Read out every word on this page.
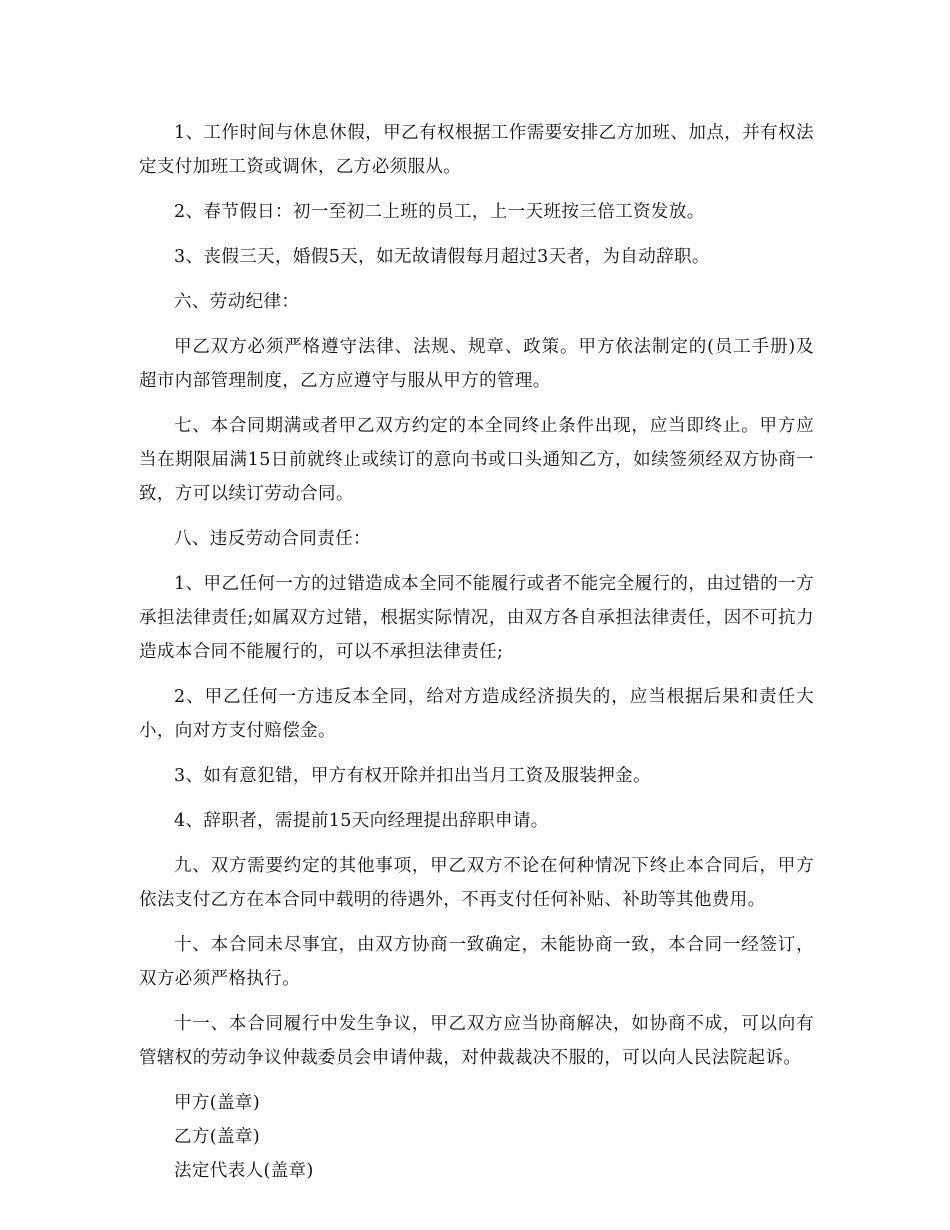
1、工作时间与休息休假，甲乙有权根据工作需要安排乙方加班、加点，并有权法定支付加班工资或调休，乙方必须服从。

2、春节假日：初一至初二上班的员工，上一天班按三倍工资发放。

3、丧假三天，婚假5天，如无故请假每月超过3天者，为自动辞职。

六、劳动纪律：

甲乙双方必须严格遵守法律、法规、规章、政策。甲方依法制定的(员工手册)及超市内部管理制度，乙方应遵守与服从甲方的管理。

七、本合同期满或者甲乙双方约定的本全同终止条件出现，应当即终止。甲方应当在期限届满15日前就终止或续订的意向书或口头通知乙方，如续签须经双方协商一致，方可以续订劳动合同。

八、违反劳动合同责任：

1、甲乙任何一方的过错造成本全同不能履行或者不能完全履行的，由过错的一方承担法律责任;如属双方过错，根据实际情况，由双方各自承担法律责任，因不可抗力造成本合同不能履行的，可以不承担法律责任;

2、甲乙任何一方违反本全同，给对方造成经济损失的，应当根据后果和责任大小，向对方支付赔偿金。

3、如有意犯错，甲方有权开除并扣出当月工资及服装押金。

4、辞职者，需提前15天向经理提出辞职申请。

九、双方需要约定的其他事项，甲乙双方不论在何种情况下终止本合同后，甲方依法支付乙方在本合同中载明的待遇外，不再支付任何补贴、补助等其他费用。

十、本合同未尽事宜，由双方协商一致确定，未能协商一致，本合同一经签订，双方必须严格执行。

十一、本合同履行中发生争议，甲乙双方应当协商解决，如协商不成，可以向有管辖权的劳动争议仲裁委员会申请仲裁，对仲裁裁决不服的，可以向人民法院起诉。

甲方(盖章)

乙方(盖章)

法定代表人(盖章)
